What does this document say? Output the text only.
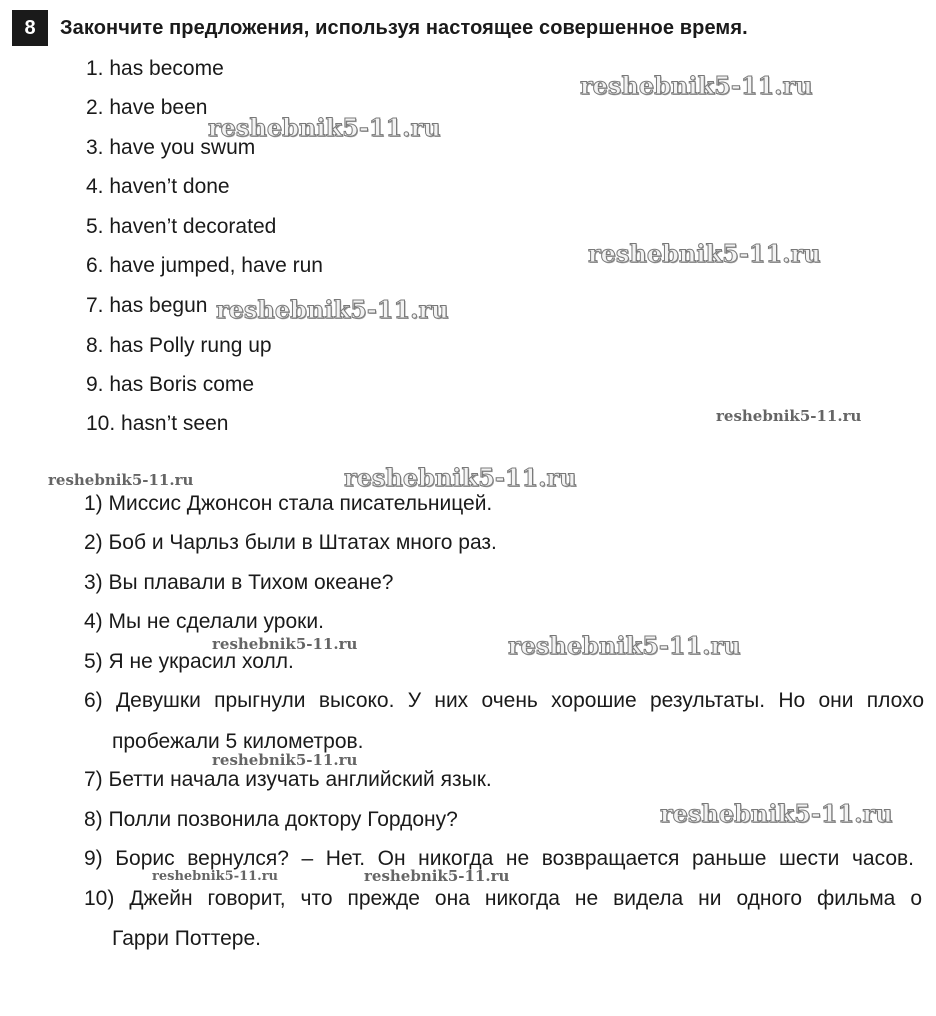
8	Закончите предложения, используя настоящее совершенное время.
1. has become
2. have been
3. have you swum
4. haven’t done
5. haven’t decorated
6. have jumped, have run
7. has begun
8. has Polly rung up
9. has Boris come
10. hasn’t seen
1) Миссис Джонсон стала писательницей.
2) Боб и Чарльз были в Штатах много раз.
3) Вы плавали в Тихом океане?
4) Мы не сделали уроки.
5) Я не украсил холл.
6) Девушки прыгнули высоко. У них очень хорошие результаты. Но они плохо
пробежали 5 километров.
7) Бетти начала изучать английский язык.
8) Полли позвонила доктору Гордону?
9) Борис вернулся? – Нет. Он никогда не возвращается раньше шести часов.
10) Джейн говорит, что прежде она никогда не видела ни одного фильма о
Гарри Поттере.
reshebnik5-11.ru
reshebnik5-11.ru
reshebnik5-11.ru
reshebnik5-11.ru
reshebnik5-11.ru
reshebnik5-11.ru	reshebnik5-11.ru
reshebnik5-11.ru	reshebnik5-11.ru
reshebnik5-11.ru
reshebnik5-11.ru
reshebnik5-11.ru	reshebnik5-11.ru
